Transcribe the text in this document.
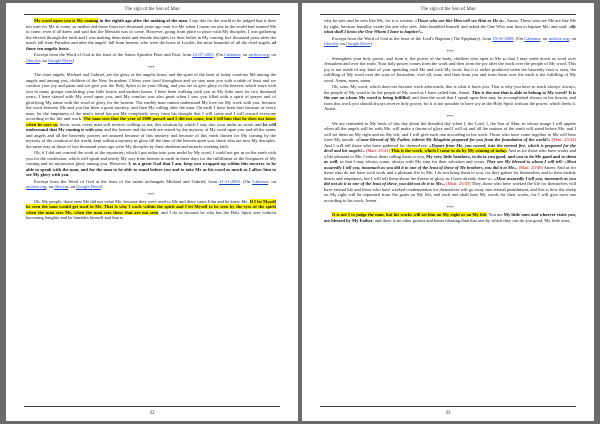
The sign of the Son of Man

My word upon you is My coming in the eighth age after the making of the man. I say this for the world to be judged that it does not wait for Me to come, as neither did those from two thousand years ago wait for Me when I came; no one in the world had wanted Me to come, even if all knew and said that the Messiah was to come. However, going from place to place with My disciples, I was gathering the elected through the faith and I was making them male and female disciples for their belief in My coming five thousand years after the man's fall from Paradise and after the angels' fall from heaven, who were the hosts of Lucifer, the most beautiful of all the chief angels, of those ten angelic hosts.

Excerpt from the Word of God at the feast of the Saints Apostles Peter and Paul, from 12-07-2003. (On Calameo; on archive.org; on files.fm; on Google Drive)

***

The chief angels, Michael and Gabriel, are the glory of the angelic hosts, and the spirit of the feast of today comforts Me among the angels and among you, children of the New Jerusalem. I bless your food throughout and we stay near you with a table of feast and we comfort your joy and pains and we give you the Holy Spirit to be your filling, and you are to give glory to the heaven, which stays with you in many groups comforting your little hearts and earthen hearts. I have been walking with you as My little ones for two thousand years, I have stayed with My word upon you, and My comfort was also great when I saw you filled with a spirit of prayer and of glorifying My name with the word of glory for the heaven. The earthly man cannot understand My love for My work with you, because the word between Me and you has been a great mystery, and then My calling after the man. On earth I have been hurt because of every man, for the emptiness of the man's mind has put Me completely away from his thought that I will come and I will reward everyone according to his life and work. The man sees that the year of 2000 passed and I did not come, but I tell him that he does not know when he says so. Soon, soon, every man will receive, willing or not, this wisdom by which I stay into your midst as word, and he will understand that My coming is with you, and the heaven and the earth are seized by the mystery of My word upon you and all the saints and angels and all the heavenly powers are amazed because of this mystery and because of this earth chosen for My coming by the mystery of the creation of the world, kept within a mystery in glory till the time of the heaven upon you, those who are now My disciples, the same way as those of two thousand years ago were My disciples by their obedient and miracle working faith.

Oh, if I did not conceal the work of the mysteries, which I put today into your midst by My word, I could not get in on the earth with you for the confession, which will speak and testify My way from heaven to earth in these days for the fulfillment of the Scriptures of My coming and its mysterious glory among you. However, I, as a great God that I am, keep you wrapped up within this mystery to be able to speak with the man, and for the man to be able to stand before you and to take Me as his word as much as I allow him to see My glory with you.

Excerpt from the Word of God at the feast of the saints archangels Michael and Gabriel, from 21-11-2003. (On Calameo; on archive.org; on files.fm; on Google Drive)

***

Oh, My people, those near Me did not value Me, because they were used to Me and there came John and he knew Me. If I let Myself be seen the man would get used to Me. That is why I work within the spirit and I let Myself to be seen by the eyes of the spirit when the man sees Me, when the man sees those that are not seen, and I do so because he who has the Holy Spirit sees without becoming haughty and he humbles himself and that is

32
The sign of the Son of Man

why he sees and he sees like Me, for it is written: «Those who are like Him will see Him as He is». Amen. Those who see Me are like Me by sight, because humility exalts the one who sees. John humbled himself and asked the One Who sent him to baptize Me, and said: «By what shall I know the One Whom I have to baptize?».

Excerpt from the Word of God at the feast of the Lord's Baptism (The Epiphany), from 19-01-2008. (On Calameo; on archive.org; on files.fm; on Google Drive)

***

Strengthen your holy power, and from it, the power of the body, children who open to Me so that I may settle down as word over Jerusalem and over the earth. Your holy power comes from the work and then from the joy after the work over the people of My word. This joy is not made of any kind of your spending with Me and with My word, but it is rather produced when the heavenly fruit is seen, the fulfilling of My word over the sons of Jerusalem, over all, sons, and then from you and from them over the earth is the fulfilling of My word. Amen, amen, amen.

Oh, sons, My word, which does not become work afterwards, this is what it hurts you. That is why you have to teach always, always, the people of My word to be the people of My word as I have called him. Amen. This is the one that is able to belong to My word? It is the one on whom My word is being fulfilled, and then the word that I speak upon him may be accomplished always in his bosom, and from this work you should always receive holy power, for it is not possible to have joy in the Holy Spirit without the power, which feeds it. Amen.

***

We are reminded in My book of this day about the dreadful day when I, the Lord, I, the Son of Man, in whose image I will appear when all the angels will be with Me, will make a throne of glory and I will sit and all the nations of the earth will stand before Me, and I will set them on My right and on My left, and I will give each one according to his work. Those who have come together to Me will hear from My mouth: «Come blessed of My Father, inherit My Kingdom prepared for you from the foundation of the world!» (Matt: 25/34) And I will tell those who have gathered for themselves: «Depart from Me, you cursed, into the eternal fire, which is prepared for the devil and his angels!» (Matt: 25/41) This is the work, which I come to do by My coming of today. And as for those who have works and a life pleasant to Me, I exhort them calling them to you, My very little brothers, to do to you good, and you to do Me good and to them as well, so that I may always come, always with My ease for their salvation and yours. They are My blessed to whom I will tell: «Most assuredly I tell you, inasmuch as you did it to one of the least of these of My brothers, you did it to Me». (Matt: 25/40) Amen. And as for those who do not have such work and a pleasant life to Me, I do not bring them to you, for they gather for themselves and to their earthly hearts and emptiness, but I will tell them about the throne of glory as I have already done so: «Most assuredly I tell you, inasmuch as you did not do it to one of the least of these, you did not do it to Me». (Matt: 25/45) They, those who have worked the life for themselves will have eternal life and those who have worked condemnation for themselves will go away into eternal punishment, and this is how the sheep on My right will be separated from the goats on My left, and each one shall hear My words for their works, for I will give each one according to his work. Amen.

***

It is not I to judge the man, but his works will set him on My right or on My left. You are My little ones and whoever visits you, are blessed by My Father, and there is no other greater and better blessing than that one by which they can do you good, My little ones,

33
